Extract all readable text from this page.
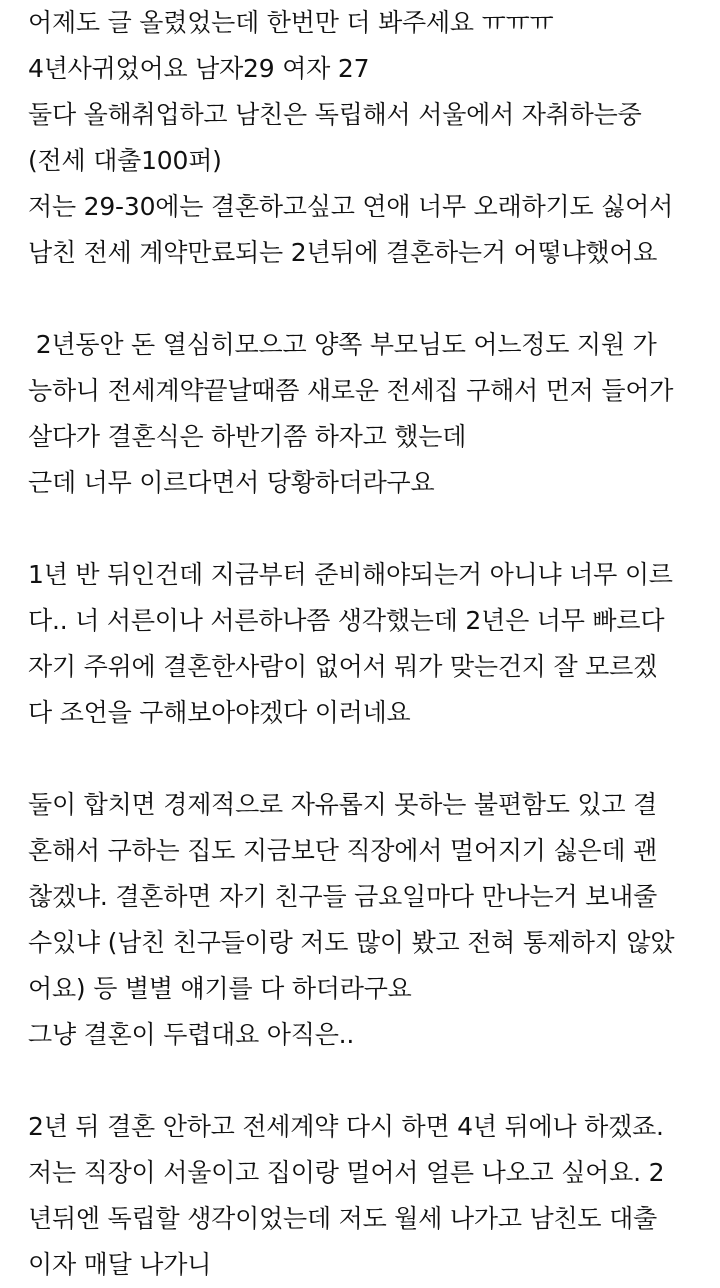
어제도 글 올렸었는데 한번만 더 봐주세요 ㅠㅠㅠ
4년사귀었어요 남자29 여자 27
둘다 올해취업하고 남친은 독립해서 서울에서 자취하는중
(전세 대출100퍼)
저는 29-30에는 결혼하고싶고 연애 너무 오래하기도 싫어서
남친 전세 계약만료되는 2년뒤에 결혼하는거 어떻냐했어요
2년동안 돈 열심히모으고 양쪽 부모님도 어느정도 지원 가
능하니 전세계약끝날때쯤 새로운 전세집 구해서 먼저 들어가
살다가 결혼식은 하반기쯤 하자고 했는데
근데 너무 이르다면서 당황하더라구요
1년 반 뒤인건데 지금부터 준비해야되는거 아니냐 너무 이르
다.. 너 서른이나 서른하나쯤 생각했는데 2년은 너무 빠르다
자기 주위에 결혼한사람이 없어서 뭐가 맞는건지 잘 모르겠
다 조언을 구해보아야겠다 이러네요
둘이 합치면 경제적으로 자유롭지 못하는 불편함도 있고 결
혼해서 구하는 집도 지금보단 직장에서 멀어지기 싫은데 괜
찮겠냐. 결혼하면 자기 친구들 금요일마다 만나는거 보내줄
수있냐 (남친 친구들이랑 저도 많이 봤고 전혀 통제하지 않았
어요) 등 별별 얘기를 다 하더라구요
그냥 결혼이 두렵대요 아직은..
2년 뒤 결혼 안하고 전세계약 다시 하면 4년 뒤에나 하겠죠.
저는 직장이 서울이고 집이랑 멀어서 얼른 나오고 싶어요. 2
년뒤엔 독립할 생각이었는데 저도 월세 나가고 남친도 대출
이자 매달 나가니
